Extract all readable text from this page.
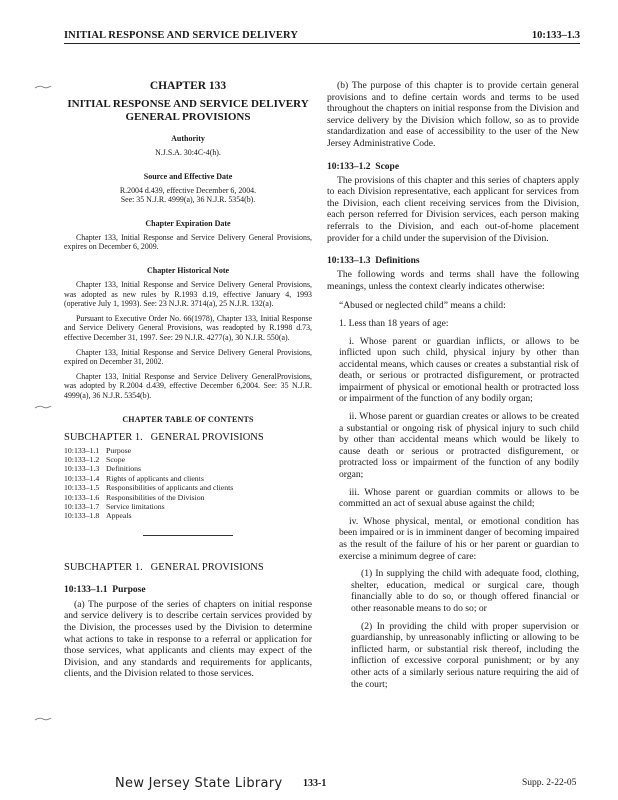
INITIAL RESPONSE AND SERVICE DELIVERY	10:133–1.3
CHAPTER 133
INITIAL RESPONSE AND SERVICE DELIVERY GENERAL PROVISIONS
Authority
N.J.S.A. 30:4C-4(h).
Source and Effective Date
R.2004 d.439, effective December 6, 2004.
See: 35 N.J.R. 4999(a), 36 N.J.R. 5354(b).
Chapter Expiration Date
Chapter 133, Initial Response and Service Delivery General Provisions, expires on December 6, 2009.
Chapter Historical Note
Chapter 133, Initial Response and Service Delivery General Provisions, was adopted as new rules by R.1993 d.19, effective January 4, 1993 (operative July 1, 1993). See: 23 N.J.R. 3714(a), 25 N.J.R. 132(a).
Pursuant to Executive Order No. 66(1978), Chapter 133, Initial Response and Service Delivery General Provisions, was readopted by R.1998 d.73, effective December 31, 1997. See: 29 N.J.R. 4277(a), 30 N.J.R. 550(a).
Chapter 133, Initial Response and Service Delivery General Provisions, expired on December 31, 2002.
Chapter 133, Initial Response and Service Delivery GeneralProvisions, was adopted by R.2004 d.439, effective December 6,2004. See: 35 N.J.R. 4999(a), 36 N.J.R. 5354(b).
CHAPTER TABLE OF CONTENTS
SUBCHAPTER 1.   GENERAL PROVISIONS
10:133–1.1 Purpose
10:133–1.2 Scope
10:133–1.3 Definitions
10:133–1.4 Rights of applicants and clients
10:133–1.5 Responsibilities of applicants and clients
10:133–1.6 Responsibilities of the Division
10:133–1.7 Service limitations
10:133–1.8 Appeals
SUBCHAPTER 1.   GENERAL PROVISIONS
10:133–1.1 Purpose
(a) The purpose of the series of chapters on initial response and service delivery is to describe certain services provided by the Division, the processes used by the Division to determine what actions to take in response to a referral or application for those services, what applicants and clients may expect of the Division, and any standards and requirements for applicants, clients, and the Division related to those services.
(b) The purpose of this chapter is to provide certain general provisions and to define certain words and terms to be used throughout the chapters on initial response from the Division and service delivery by the Division which follow, so as to provide standardization and ease of accessibility to the user of the New Jersey Administrative Code.
10:133–1.2 Scope
The provisions of this chapter and this series of chapters apply to each Division representative, each applicant for services from the Division, each client receiving services from the Division, each person referred for Division services, each person making referrals to the Division, and each out-of-home placement provider for a child under the supervision of the Division.
10:133–1.3 Definitions
The following words and terms shall have the following meanings, unless the context clearly indicates otherwise:
“Abused or neglected child” means a child:
1. Less than 18 years of age:
i. Whose parent or guardian inflicts, or allows to be inflicted upon such child, physical injury by other than accidental means, which causes or creates a substantial risk of death, or serious or protracted disfigurement, or protracted impairment of physical or emotional health or protracted loss or impairment of the function of any bodily organ;
ii. Whose parent or guardian creates or allows to be created a substantial or ongoing risk of physical injury to such child by other than accidental means which would be likely to cause death or serious or protracted disfigurement, or protracted loss or impairment of the function of any bodily organ;
iii. Whose parent or guardian commits or allows to be committed an act of sexual abuse against the child;
iv. Whose physical, mental, or emotional condition has been impaired or is in imminent danger of becoming impaired as the result of the failure of his or her parent or guardian to exercise a minimum degree of care:
(1) In supplying the child with adequate food, clothing, shelter, education, medical or surgical care, though financially able to do so, or though offered financial or other reasonable means to do so; or
(2) In providing the child with proper supervision or guardianship, by unreasonably inflicting or allowing to be inflicted harm, or substantial risk thereof, including the infliction of excessive corporal punishment; or by any other acts of a similarly serious nature requiring the aid of the court;
New Jersey State Library 133-1	Supp. 2-22-05
